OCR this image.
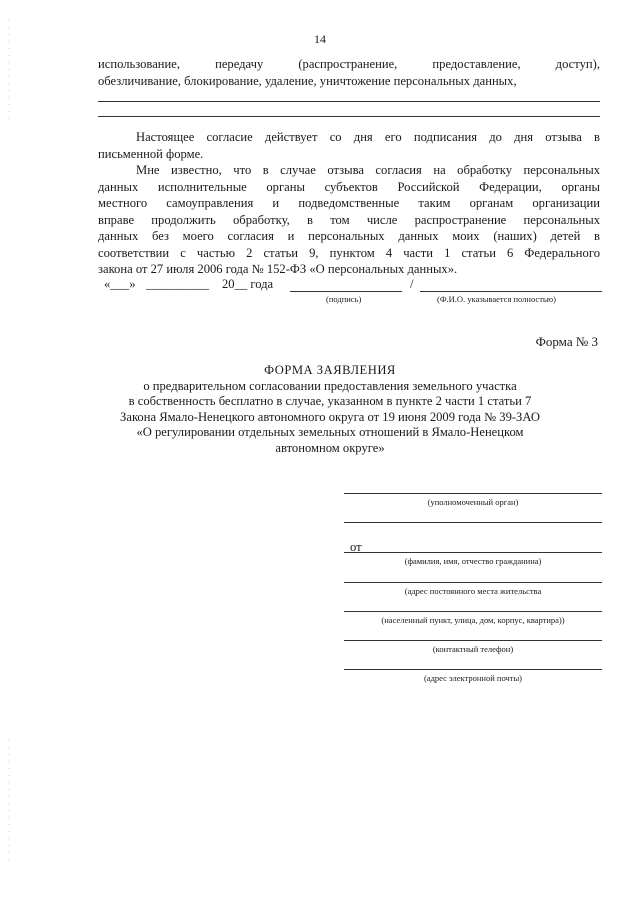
14
использование, передачу (распространение, предоставление, доступ),
обезличивание, блокирование, удаление, уничтожение персональных данных,
Настоящее согласие действует со дня его подписания до дня отзыва в
письменной форме.
Мне известно, что в случае отзыва согласия на обработку персональных
данных исполнительные органы субъектов Российской Федерации, органы
местного самоуправления и подведомственные таким органам организации
вправе продолжить обработку, в том числе распространение персональных
данных без моего согласия и персональных данных моих (наших) детей в
соответствии с частью 2 статьи 9, пунктом 4 части 1 статьи 6 Федерального
закона от 27 июля 2006 года № 152-ФЗ «О персональных данных».
«___» __________ 20__ года	/
(подпись)	(Ф.И.О. указывается полностью)
Форма № 3
ФОРМА ЗАЯВЛЕНИЯ
о предварительном согласовании предоставления земельного участка
в собственность бесплатно в случае, указанном в пункте 2 части 1 статьи 7
Закона Ямало-Ненецкого автономного округа от 19 июня 2009 года № 39-ЗАО
«О регулировании отдельных земельных отношений в Ямало-Ненецком
автономном округе»
(уполномоченный орган)
от
(фамилия, имя, отчество гражданина)
(адрес постоянного места жительства
(населенный пункт, улица, дом, корпус, квартира))
(контактный телефон)
(адрес электронной почты)
